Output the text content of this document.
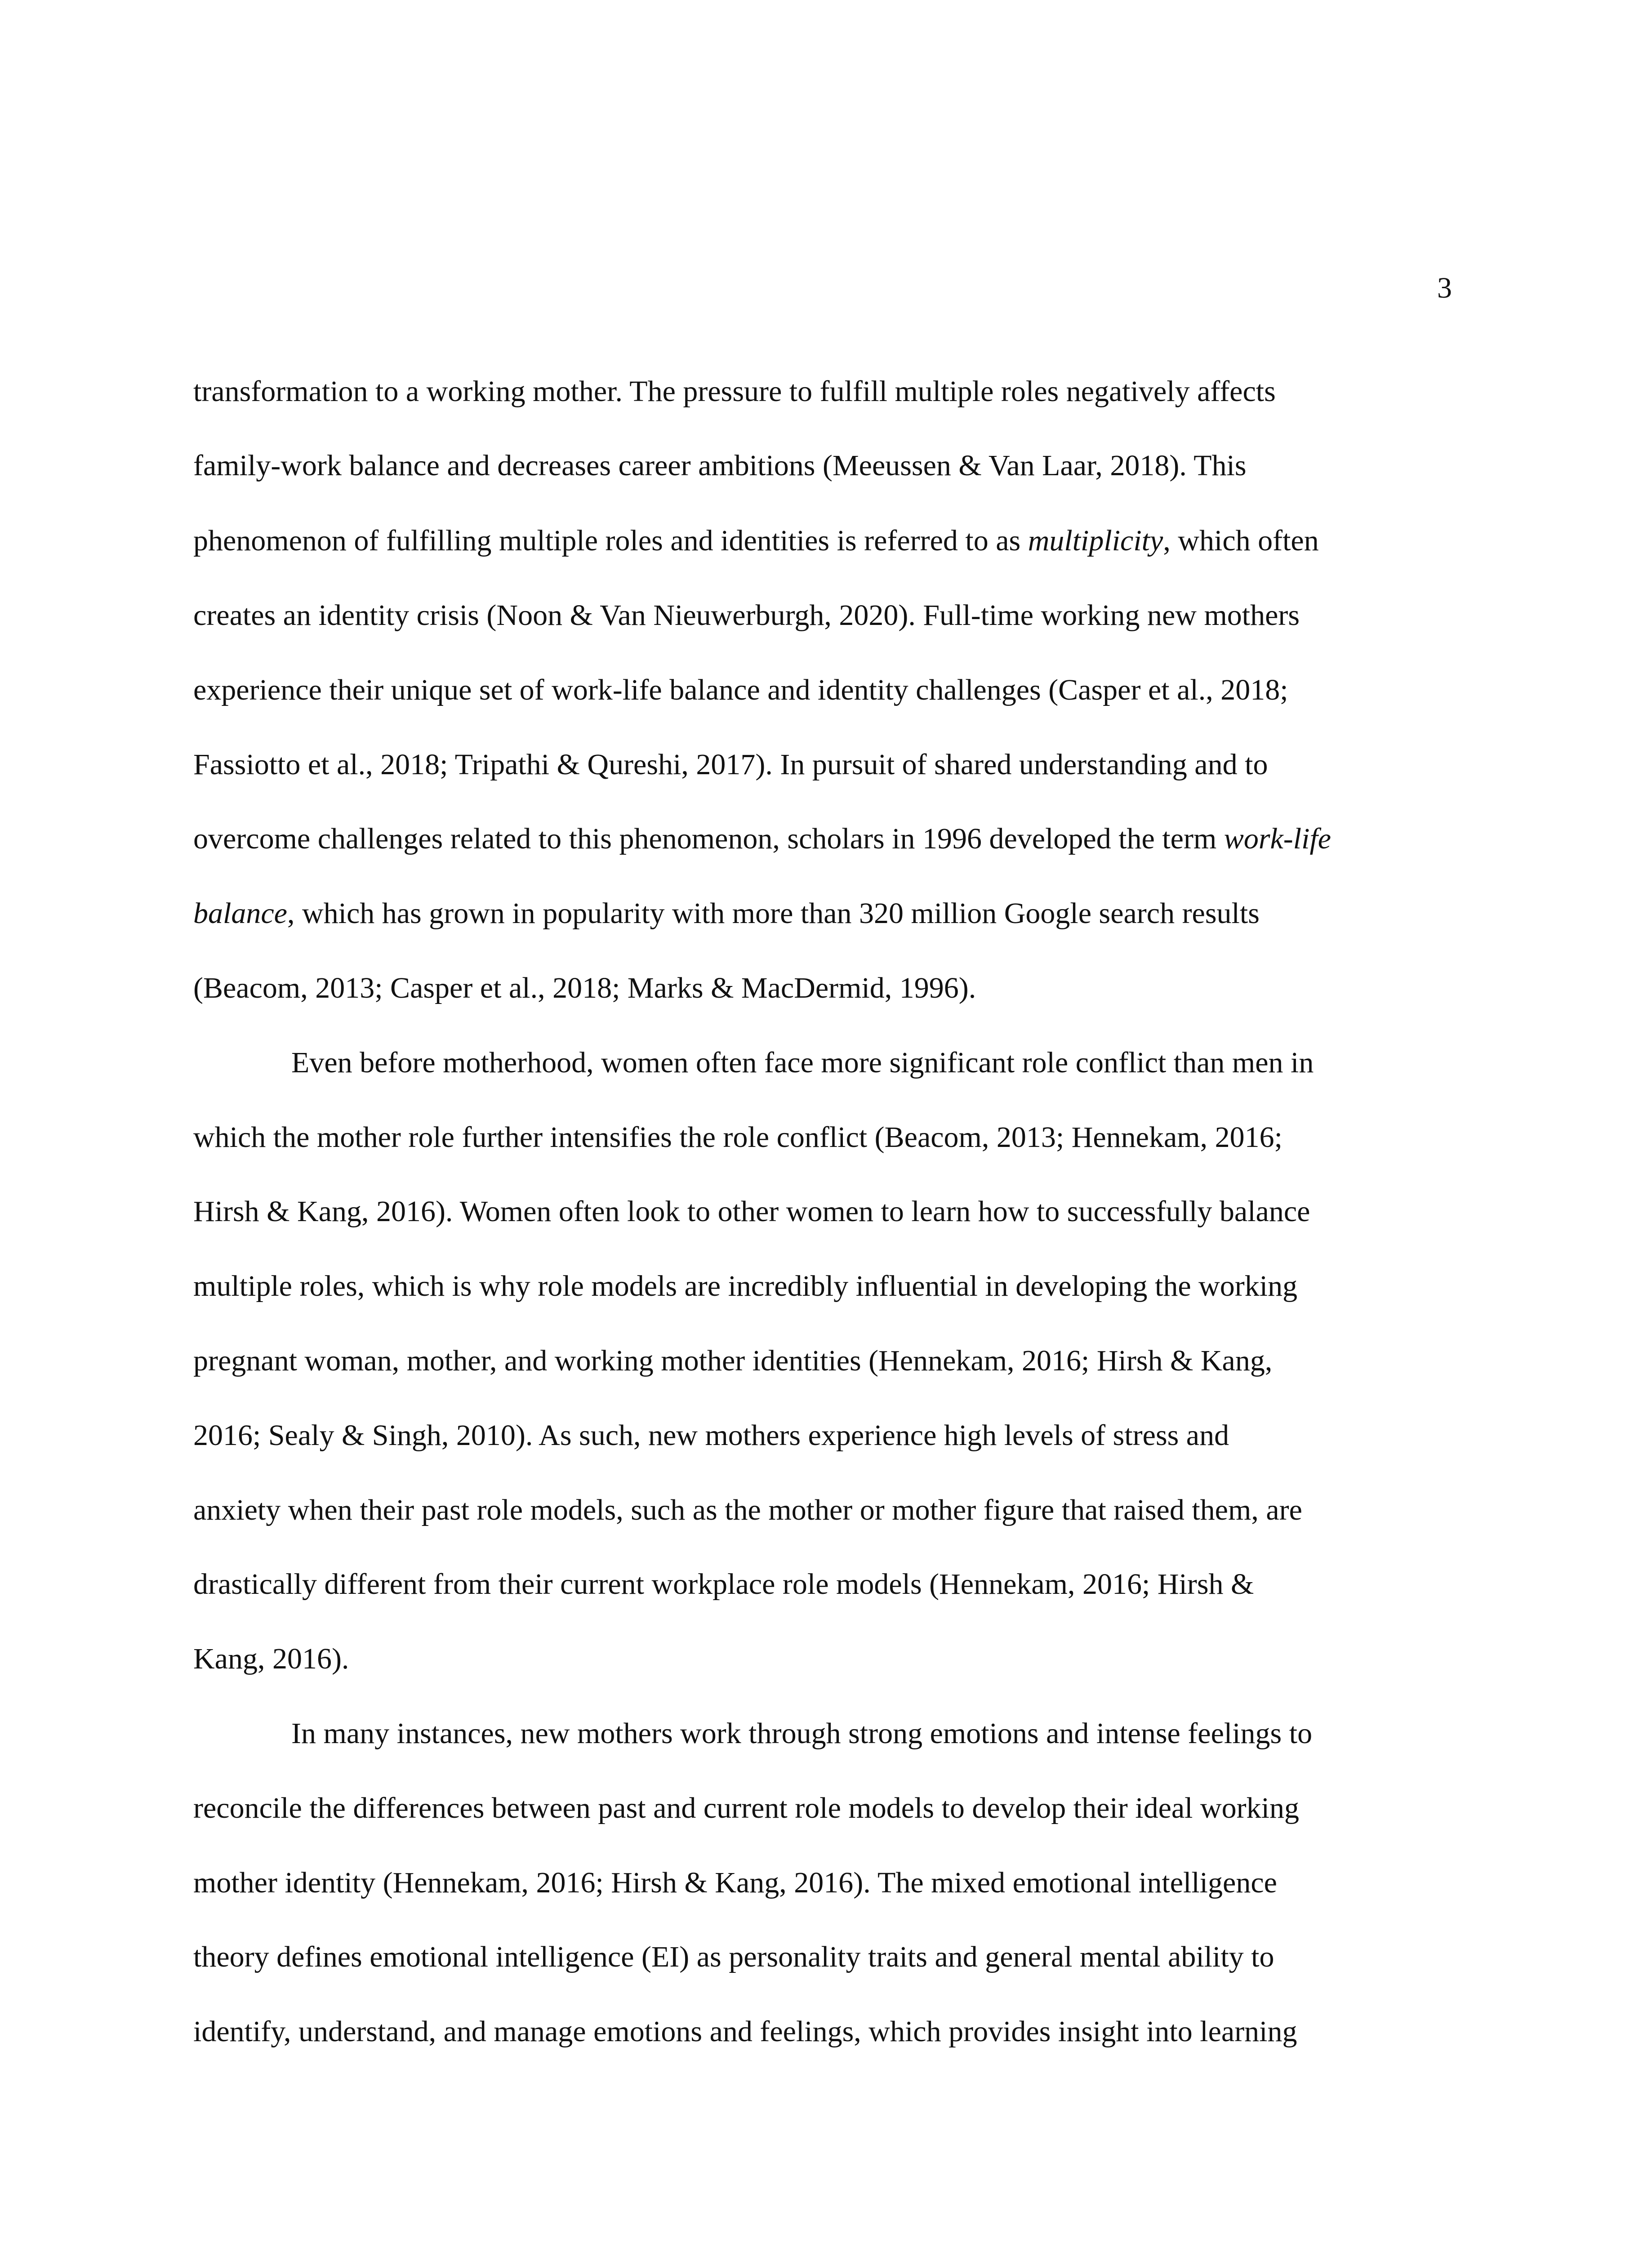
3
transformation to a working mother. The pressure to fulfill multiple roles negatively affects
family-work balance and decreases career ambitions (Meeussen & Van Laar, 2018). This
phenomenon of fulfilling multiple roles and identities is referred to as multiplicity, which often
creates an identity crisis (Noon & Van Nieuwerburgh, 2020). Full-time working new mothers
experience their unique set of work-life balance and identity challenges (Casper et al., 2018;
Fassiotto et al., 2018; Tripathi & Qureshi, 2017). In pursuit of shared understanding and to
overcome challenges related to this phenomenon, scholars in 1996 developed the term work-life
balance, which has grown in popularity with more than 320 million Google search results
(Beacom, 2013; Casper et al., 2018; Marks & MacDermid, 1996).
Even before motherhood, women often face more significant role conflict than men in
which the mother role further intensifies the role conflict (Beacom, 2013; Hennekam, 2016;
Hirsh & Kang, 2016). Women often look to other women to learn how to successfully balance
multiple roles, which is why role models are incredibly influential in developing the working
pregnant woman, mother, and working mother identities (Hennekam, 2016; Hirsh & Kang,
2016; Sealy & Singh, 2010). As such, new mothers experience high levels of stress and
anxiety when their past role models, such as the mother or mother figure that raised them, are
drastically different from their current workplace role models (Hennekam, 2016; Hirsh &
Kang, 2016).
In many instances, new mothers work through strong emotions and intense feelings to
reconcile the differences between past and current role models to develop their ideal working
mother identity (Hennekam, 2016; Hirsh & Kang, 2016). The mixed emotional intelligence
theory defines emotional intelligence (EI) as personality traits and general mental ability to
identify, understand, and manage emotions and feelings, which provides insight into learning
